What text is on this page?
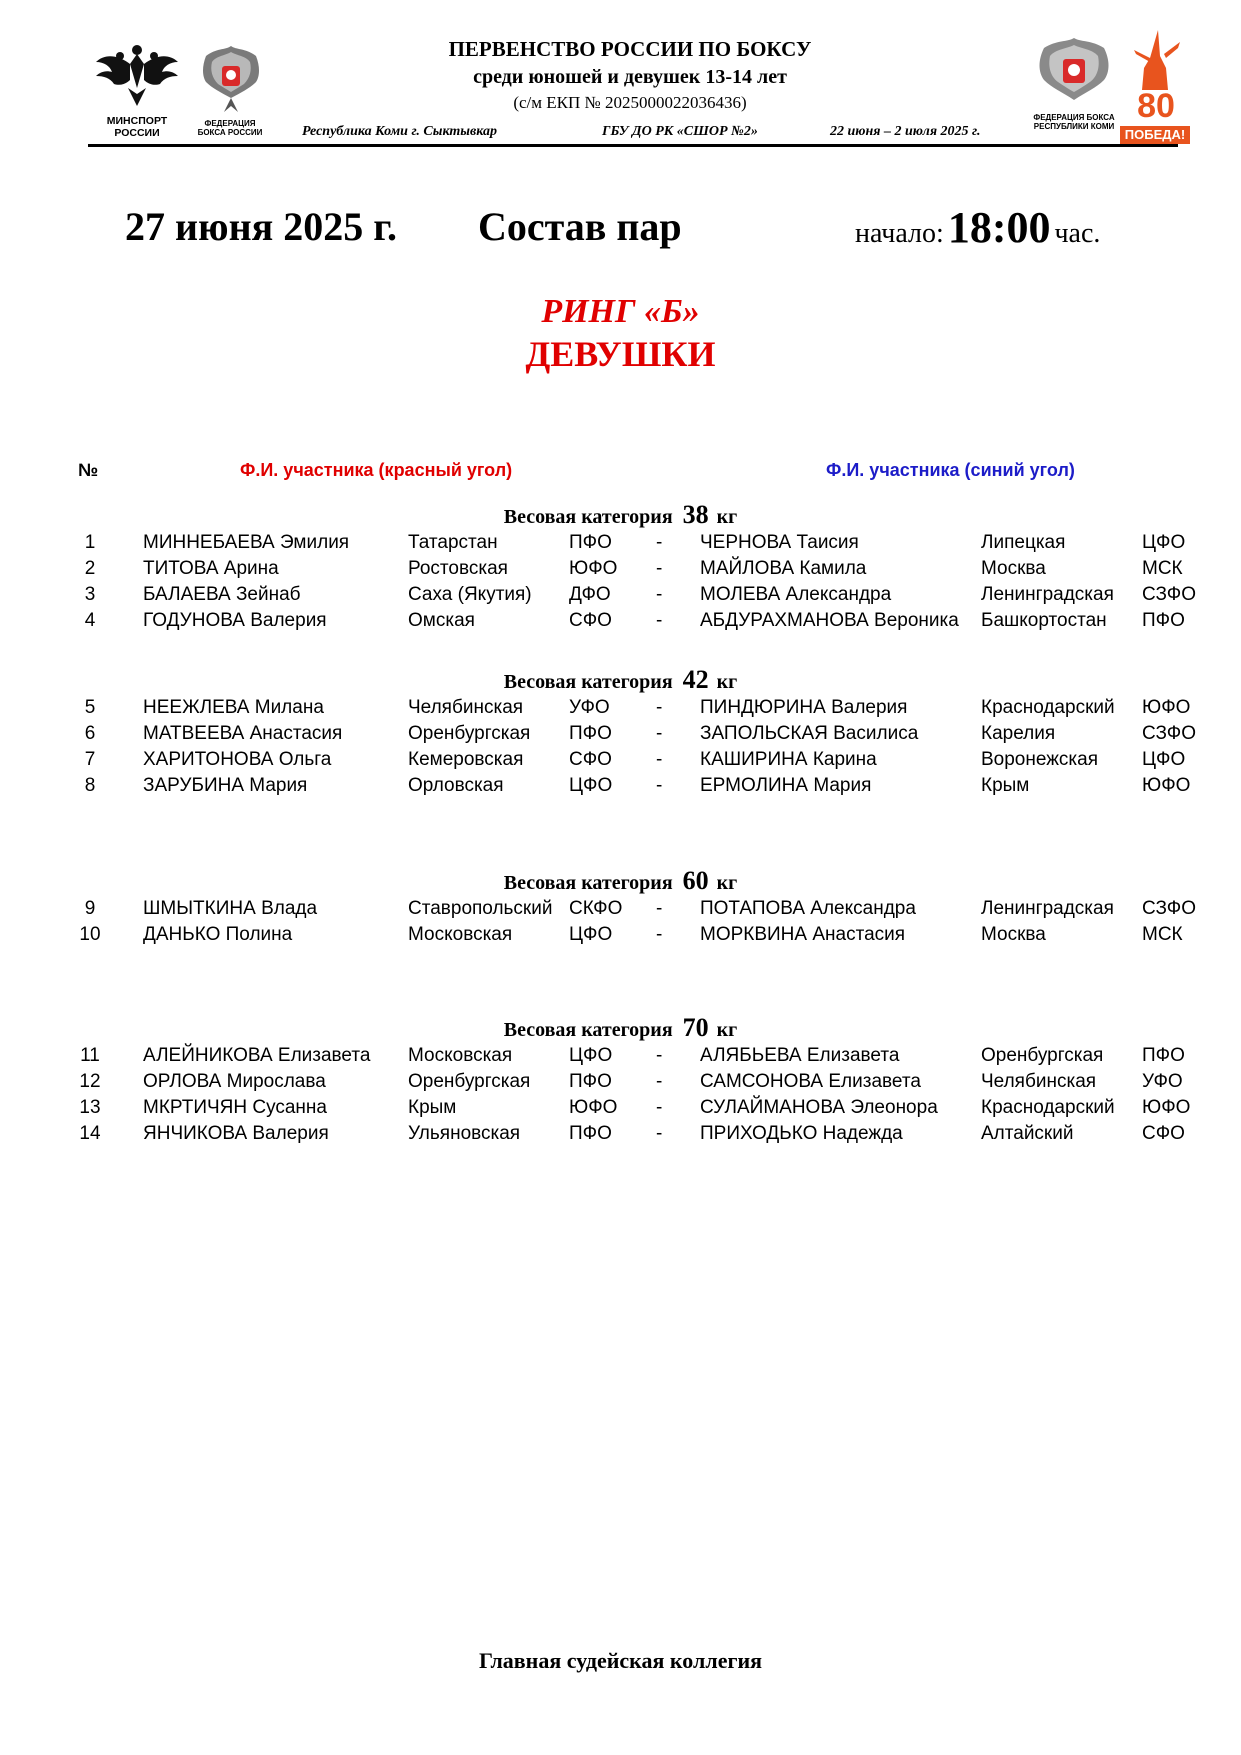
МИНСПОРТ РОССИИ
ФЕДЕРАЦИЯ БОКСА РОССИИ
ФЕДЕРАЦИЯ БОКСА РЕСПУБЛИКИ КОМИ
80
ПОБЕДА!
ПЕРВЕНСТВО РОССИИ ПО БОКСУ
среди юношей и девушек 13-14 лет
(с/м ЕКП № 2025000022036436)
Республика Коми г. Сыктывкар	ГБУ ДО РК «СШОР №2»	22 июня – 2 июля 2025 г.
27 июня 2025 г. Состав пар	начало: 18:00 час.
РИНГ «Б»
ДЕВУШКИ
№	Ф.И. участника (красный угол)	Ф.И. участника (синий угол)
Весовая категория 38 кг
1	МИННЕБАЕВА Эмилия	Татарстан	ПФО - ЧЕРНОВА Таисия	Липецкая	ЦФО
2	ТИТОВА Арина	Ростовская	ЮФО - МАЙЛОВА Камила	Москва	МСК
3	БАЛАЕВА Зейнаб	Саха (Якутия) ДФО - МОЛЕВА Александра	Ленинградская СЗФО
4	ГОДУНОВА Валерия	Омская	СФО - АБДУРАХМАНОВА Вероника Башкортостан ПФО
Весовая категория 42 кг
5	НЕЕЖЛЕВА Милана	Челябинская УФО - ПИНДЮРИНА Валерия	Краснодарский ЮФО
6	МАТВЕЕВА Анастасия	Оренбургская ПФО - ЗАПОЛЬСКАЯ Василиса	Карелия	СЗФО
7	ХАРИТОНОВА Ольга	Кемеровская СФО - КАШИРИНА Карина	Воронежская ЦФО
8	ЗАРУБИНА Мария	Орловская	ЦФО - ЕРМОЛИНА Мария	Крым	ЮФО
Весовая категория 60 кг
9	ШМЫТКИНА Влада	Ставропольский СКФО - ПОТАПОВА Александра	Ленинградская СЗФО
10	ДАНЬКО Полина	Московская	ЦФО - МОРКВИНА Анастасия	Москва	МСК
Весовая категория 70 кг
11	АЛЕЙНИКОВА Елизавета Московская	ЦФО - АЛЯБЬЕВА Елизавета	Оренбургская ПФО
12	ОРЛОВА Мирослава	Оренбургская ПФО - САМСОНОВА Елизавета	Челябинская УФО
13	МКРТИЧЯН Сусанна	Крым	ЮФО - СУЛАЙМАНОВА Элеонора Краснодарский ЮФО
14	ЯНЧИКОВА Валерия	Ульяновская	ПФО - ПРИХОДЬКО Надежда	Алтайский	СФО
Главная судейская коллегия
